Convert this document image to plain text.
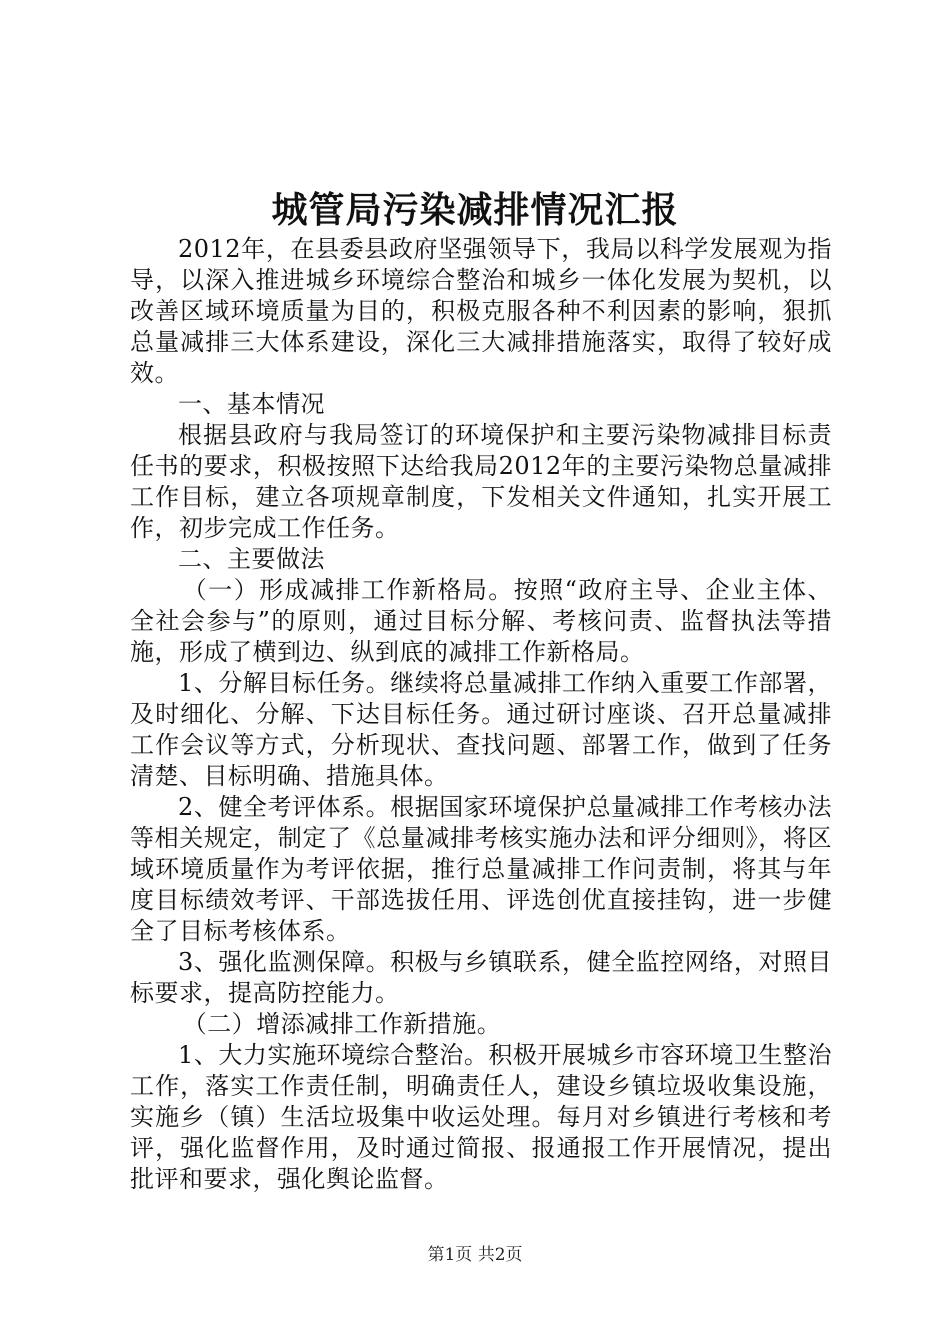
城管局污染减排情况汇报

2012年，在县委县政府坚强领导下，我局以科学发展观为指导，以深入推进城乡环境综合整治和城乡一体化发展为契机，以改善区域环境质量为目的，积极克服各种不利因素的影响，狠抓总量减排三大体系建设，深化三大减排措施落实，取得了较好成效。

一、基本情况

根据县政府与我局签订的环境保护和主要污染物减排目标责任书的要求，积极按照下达给我局2012年的主要污染物总量减排工作目标，建立各项规章制度，下发相关文件通知，扎实开展工作，初步完成工作任务。

二、主要做法

（一）形成减排工作新格局。按照“政府主导、企业主体、全社会参与”的原则，通过目标分解、考核问责、监督执法等措施，形成了横到边、纵到底的减排工作新格局。

1、分解目标任务。继续将总量减排工作纳入重要工作部署，及时细化、分解、下达目标任务。通过研讨座谈、召开总量减排工作会议等方式，分析现状、查找问题、部署工作，做到了任务清楚、目标明确、措施具体。

2、健全考评体系。根据国家环境保护总量减排工作考核办法等相关规定，制定了《总量减排考核实施办法和评分细则》，将区域环境质量作为考评依据，推行总量减排工作问责制，将其与年度目标绩效考评、干部选拔任用、评选创优直接挂钩，进一步健全了目标考核体系。

3、强化监测保障。积极与乡镇联系，健全监控网络，对照目标要求，提高防控能力。

（二）增添减排工作新措施。

1、大力实施环境综合整治。积极开展城乡市容环境卫生整治工作，落实工作责任制，明确责任人，建设乡镇垃圾收集设施，实施乡（镇）生活垃圾集中收运处理。每月对乡镇进行考核和考评，强化监督作用，及时通过简报、报通报工作开展情况，提出批评和要求，强化舆论监督。

第1页 共2页
